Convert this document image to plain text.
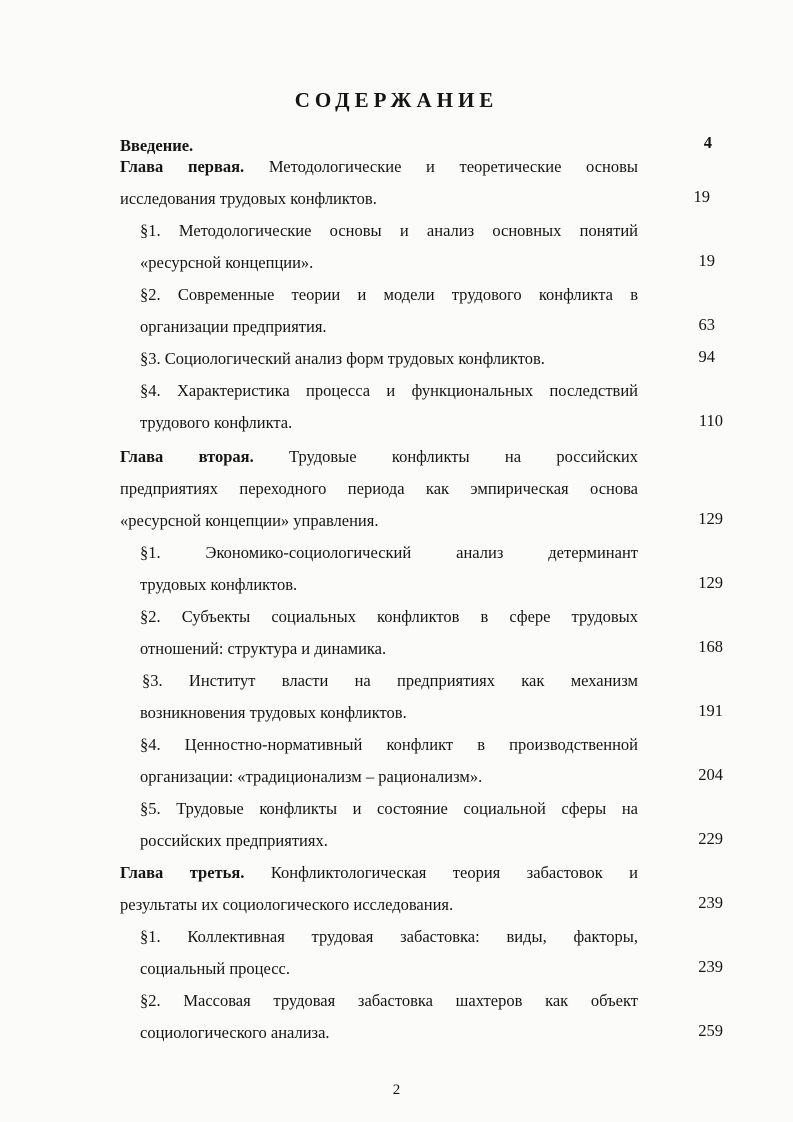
СОДЕРЖАНИЕ
Введение.	4
Глава первая. Методологические и теоретические основы
исследования трудовых конфликтов.	19
§1. Методологические основы и анализ основных понятий
«ресурсной концепции».	19
§2. Современные теории и модели трудового конфликта в
организации предприятия.	63
§3. Социологический анализ форм трудовых конфликтов.	94
§4. Характеристика процесса и функциональных последствий
трудового конфликта.	110
Глава вторая. Трудовые конфликты на российских
предприятиях переходного периода как эмпирическая основа
«ресурсной концепции» управления.	129
§1. Экономико-социологический анализ детерминант
трудовых конфликтов.	129
§2. Субъекты социальных конфликтов в сфере трудовых
отношений: структура и динамика.	168
§3. Институт власти на предприятиях как механизм
возникновения трудовых конфликтов.	191
§4. Ценностно-нормативный конфликт в производственной
организации: «традиционализм – рационализм».	204
§5. Трудовые конфликты и состояние социальной сферы на
российских предприятиях.	229
Глава третья. Конфликтологическая теория забастовок и
результаты их социологического исследования.	239
§1. Коллективная трудовая забастовка: виды, факторы,
социальный процесс.	239
§2. Массовая трудовая забастовка шахтеров как объект
социологического анализа.	259
2
